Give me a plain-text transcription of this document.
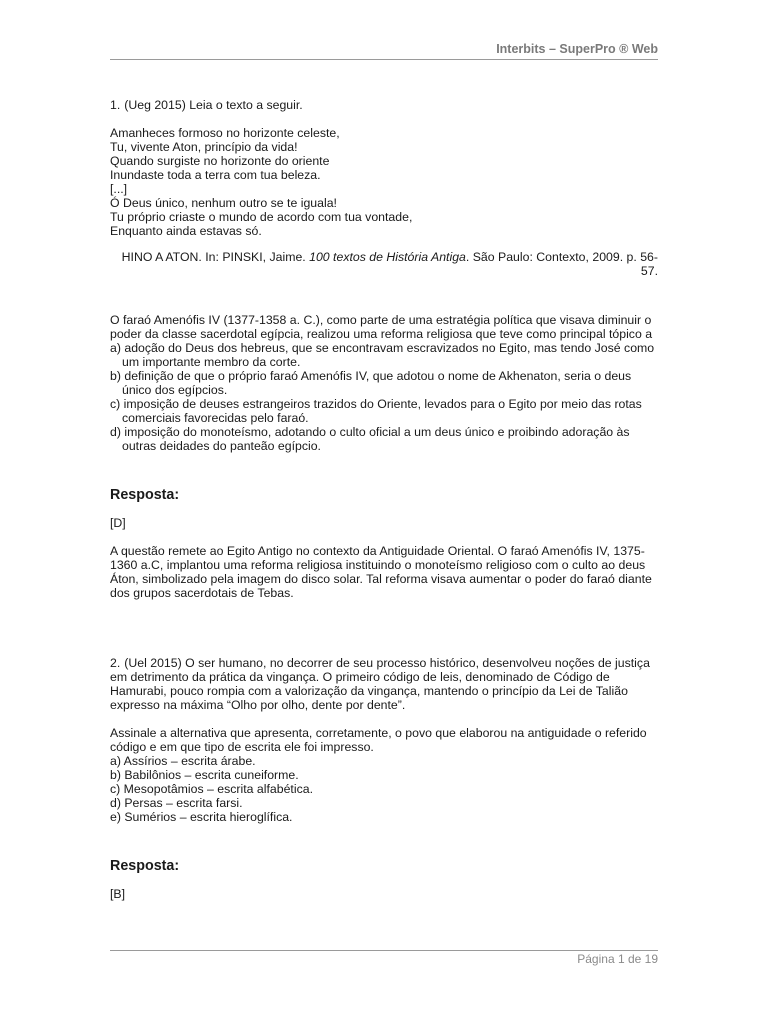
Interbits – SuperPro ® Web

1. (Ueg 2015) Leia o texto a seguir.

Amanheces formoso no horizonte celeste,

Tu, vivente Aton, princípio da vida!

Quando surgiste no horizonte do oriente

Inundaste toda a terra com tua beleza.

[...]

Ó Deus único, nenhum outro se te iguala!

Tu próprio criaste o mundo de acordo com tua vontade,

Enquanto ainda estavas só.

HINO A ATON. In: PINSKI, Jaime. 100 textos de História Antiga. São Paulo: Contexto, 2009. p. 56-57.

O faraó Amenófis IV (1377-1358 a. C.), como parte de uma estratégia política que visava diminuir o poder da classe sacerdotal egípcia, realizou uma reforma religiosa que teve como principal tópico a

a) adoção do Deus dos hebreus, que se encontravam escravizados no Egito, mas tendo José como um importante membro da corte.

b) definição de que o próprio faraó Amenófis IV, que adotou o nome de Akhenaton, seria o deus único dos egípcios.

c) imposição de deuses estrangeiros trazidos do Oriente, levados para o Egito por meio das rotas comerciais favorecidas pelo faraó.

d) imposição do monoteísmo, adotando o culto oficial a um deus único e proibindo adoração às outras deidades do panteão egípcio.

Resposta:

[D]

A questão remete ao Egito Antigo no contexto da Antiguidade Oriental. O faraó Amenófis IV, 1375-1360 a.C, implantou uma reforma religiosa instituindo o monoteísmo religioso com o culto ao deus Áton, simbolizado pela imagem do disco solar. Tal reforma visava aumentar o poder do faraó diante dos grupos sacerdotais de Tebas.

2. (Uel 2015) O ser humano, no decorrer de seu processo histórico, desenvolveu noções de justiça em detrimento da prática da vingança. O primeiro código de leis, denominado de Código de Hamurabi, pouco rompia com a valorização da vingança, mantendo o princípio da Lei de Talião expresso na máxima “Olho por olho, dente por dente”.

Assinale a alternativa que apresenta, corretamente, o povo que elaborou na antiguidade o referido código e em que tipo de escrita ele foi impresso.

a) Assírios – escrita árabe.

b) Babilônios – escrita cuneiforme.

c) Mesopotâmios – escrita alfabética.

d) Persas – escrita farsi.

e) Sumérios – escrita hieroglífica.

Resposta:

[B]

Página 1 de 19
